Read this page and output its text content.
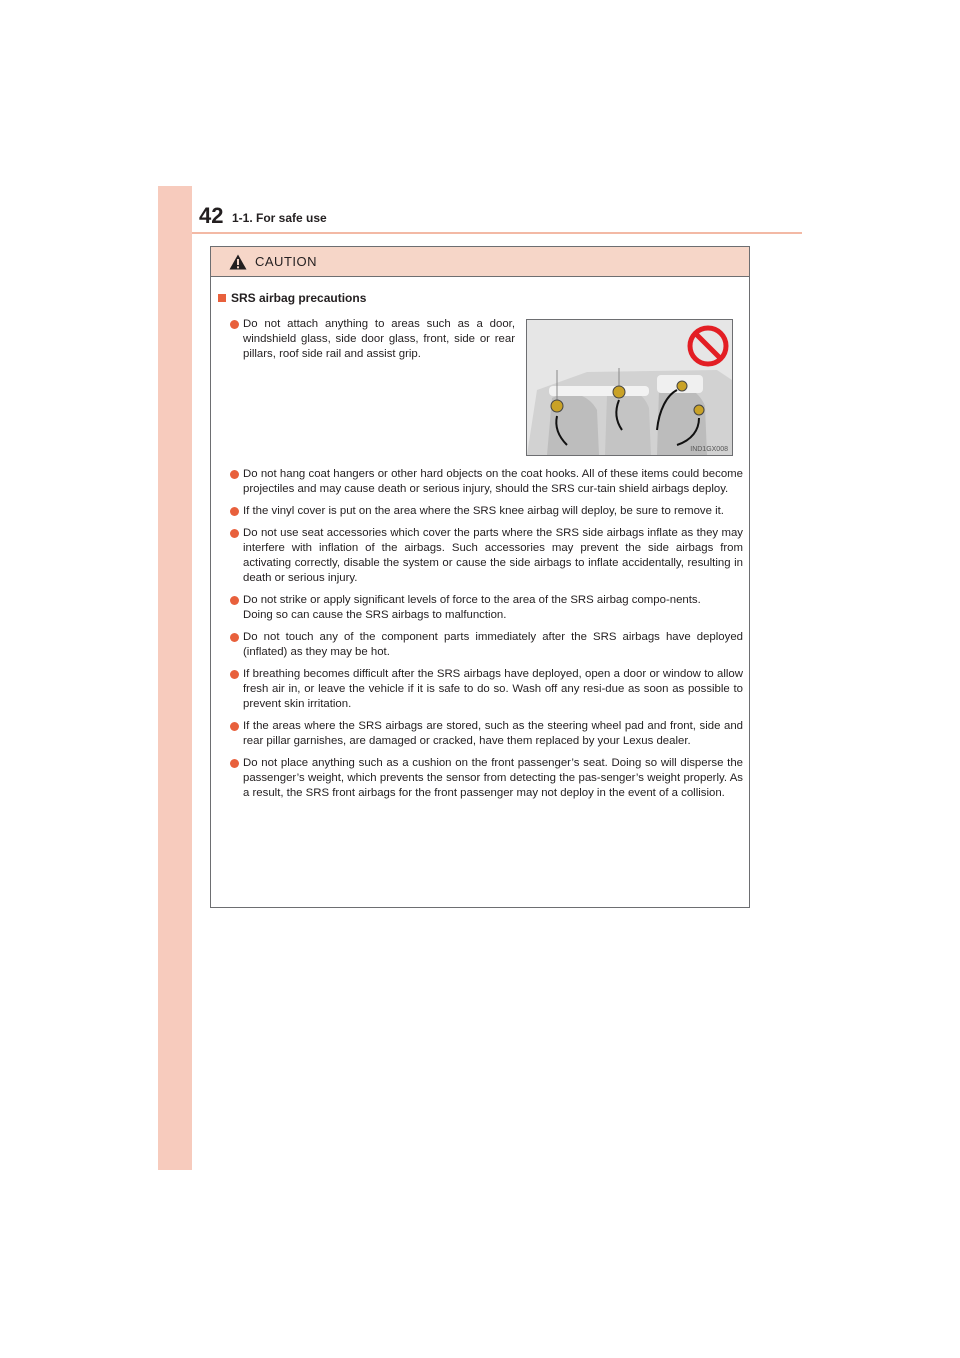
42 1-1. For safe use
CAUTION
SRS airbag precautions
Do not attach anything to areas such as a door, windshield glass, side door glass, front, side or rear pillars, roof side rail and assist grip.
IND1GX008
Do not hang coat hangers or other hard objects on the coat hooks. All of these items could become projectiles and may cause death or serious injury, should the SRS cur-tain shield airbags deploy.
If the vinyl cover is put on the area where the SRS knee airbag will deploy, be sure to remove it.
Do not use seat accessories which cover the parts where the SRS side airbags inflate as they may interfere with inflation of the airbags. Such accessories may prevent the side airbags from activating correctly, disable the system or cause the side airbags to inflate accidentally, resulting in death or serious injury.
Do not strike or apply significant levels of force to the area of the SRS airbag compo-nents.
Doing so can cause the SRS airbags to malfunction.
Do not touch any of the component parts immediately after the SRS airbags have deployed (inflated) as they may be hot.
If breathing becomes difficult after the SRS airbags have deployed, open a door or window to allow fresh air in, or leave the vehicle if it is safe to do so. Wash off any resi-due as soon as possible to prevent skin irritation.
If the areas where the SRS airbags are stored, such as the steering wheel pad and front, side and rear pillar garnishes, are damaged or cracked, have them replaced by your Lexus dealer.
Do not place anything such as a cushion on the front passenger’s seat. Doing so will disperse the passenger’s weight, which prevents the sensor from detecting the pas-senger’s weight properly. As a result, the SRS front airbags for the front passenger may not deploy in the event of a collision.
